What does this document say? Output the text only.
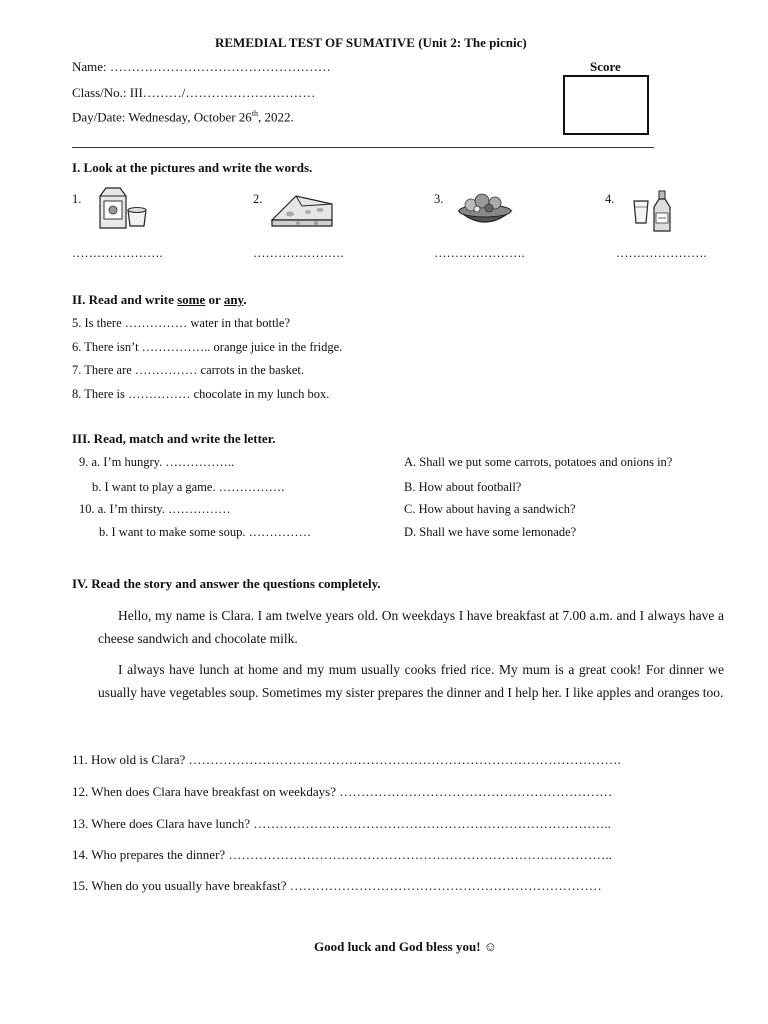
REMEDIAL TEST OF SUMATIVE (Unit 2: The picnic)
Name: ……………………………………………
Class/No.: III………/…………………………
Day/Date: Wednesday, October 26th, 2022.
Score
I. Look at the pictures and write the words.
1.
………………….
2.
………………….
3.
………………….
4.
………………….
II. Read and write some or any.
5. Is there …………… water in that bottle?
6. There isn’t …………….. orange juice in the fridge.
7. There are …………… carrots in the basket.
8. There is …………… chocolate in my lunch box.
III. Read, match and write the letter.
9. a. I’m hungry. ……………..
b. I want to play a game. …………….
10. a. I’m thirsty. ……………
b. I want to make some soup. ……………
A. Shall we put some carrots, potatoes and onions in?
B. How about football?
C. How about having a sandwich?
D. Shall we have some lemonade?
IV. Read the story and answer the questions completely.
Hello, my name is Clara. I am twelve years old. On weekdays I have breakfast at 7.00 a.m. and I always have a cheese sandwich and chocolate milk.
I always have lunch at home and my mum usually cooks fried rice. My mum is a great cook! For dinner we usually have vegetables soup. Sometimes my sister prepares the dinner and I help her. I like apples and oranges too.
11. How old is Clara? ……………………………………………………………………………………….
12. When does Clara have breakfast on weekdays? ………………………………………………………
13. Where does Clara have lunch? ………………………………………………………………………..
14. Who prepares the dinner? ……………………………………………………………………………..
15. When do you usually have breakfast? ………………………………………………………………
Good luck and God bless you! ☺
